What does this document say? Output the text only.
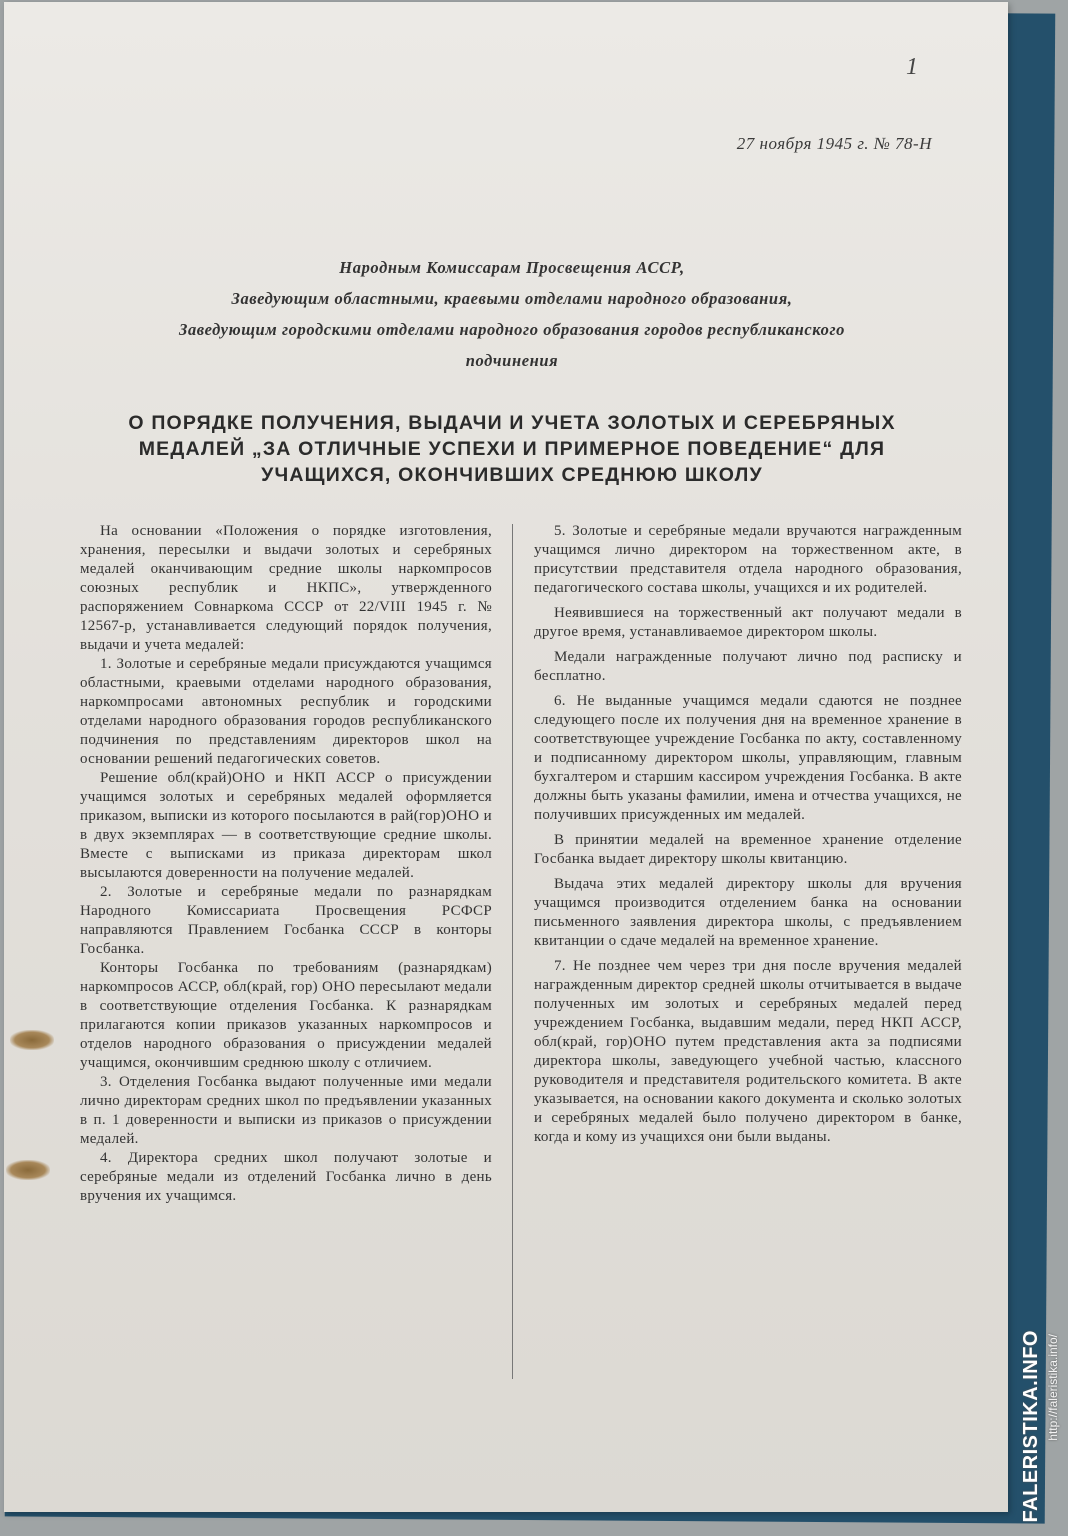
1
27 ноября 1945 г. № 78-Н
Народным Комиссарам Просвещения АССР,
Заведующим областными, краевыми отделами народного образования,
Заведующим городскими отделами народного образования городов республиканского
подчинения
О ПОРЯДКЕ ПОЛУЧЕНИЯ, ВЫДАЧИ И УЧЕТА ЗОЛОТЫХ И СЕРЕБРЯНЫХ
МЕДАЛЕЙ „ЗА ОТЛИЧНЫЕ УСПЕХИ И ПРИМЕРНОЕ ПОВЕДЕНИЕ“ ДЛЯ
УЧАЩИХСЯ, ОКОНЧИВШИХ СРЕДНЮЮ ШКОЛУ

На основании «Положения о порядке изготовления, хранения, пересылки и выдачи золотых и серебряных медалей оканчивающим средние школы наркомпросов союзных республик и НКПС», утвержденного распоряжением Совнаркома СССР от 22/VIII 1945 г. № 12567-р, устанавливается следующий порядок получения, выдачи и учета медалей:

1. Золотые и серебряные медали присуждаются учащимся областными, краевыми отделами народного образования, наркомпросами автономных республик и городскими отделами народного образования городов республиканского подчинения по представлениям директоров школ на основании решений педагогических советов.

Решение обл(край)ОНО и НКП АССР о присуждении учащимся золотых и серебряных медалей оформляется приказом, выписки из которого посылаются в рай(гор)ОНО и в двух экземплярах — в соответствующие средние школы. Вместе с выписками из приказа директорам школ высылаются доверенности на получение медалей.

2. Золотые и серебряные медали по разнарядкам Народного Комиссариата Просвещения РСФСР направляются Правлением Госбанка СССР в конторы Госбанка.

Конторы Госбанка по требованиям (разнарядкам) наркомпросов АССР, обл(край, гор) ОНО пересылают медали в соответствующие отделения Госбанка. К разнарядкам прилагаются копии приказов указанных наркомпросов и отделов народного образования о присуждении медалей учащимся, окончившим среднюю школу с отличием.

3. Отделения Госбанка выдают полученные ими медали лично директорам средних школ по предъявлении указанных в п. 1 доверенности и выписки из приказов о присуждении медалей.

4. Директора средних школ получают золотые и серебряные медали из отделений Госбанка лично в день вручения их учащимся.

5. Золотые и серебряные медали вручаются награжденным учащимся лично директором на торжественном акте, в присутствии представителя отдела народного образования, педагогического состава школы, учащихся и их родителей.

Неявившиеся на торжественный акт получают медали в другое время, устанавливаемое директором школы.

Медали награжденные получают лично под расписку и бесплатно.

6. Не выданные учащимся медали сдаются не позднее следующего после их получения дня на временное хранение в соответствующее учреждение Госбанка по акту, составленному и подписанному директором школы, управляющим, главным бухгалтером и старшим кассиром учреждения Госбанка. В акте должны быть указаны фамилии, имена и отчества учащихся, не получивших присужденных им медалей.

В принятии медалей на временное хранение отделение Госбанка выдает директору школы квитанцию.

Выдача этих медалей директору школы для вручения учащимся производится отделением банка на основании письменного заявления директора школы, с предъявлением квитанции о сдаче медалей на временное хранение.

7. Не позднее чем через три дня после вручения медалей награжденным директор средней школы отчитывается в выдаче полученных им золотых и серебряных медалей перед учреждением Госбанка, выдавшим медали, перед НКП АССР, обл(край, гор)ОНО путем представления акта за подписями директора школы, заведующего учебной частью, классного руководителя и представителя родительского комитета. В акте указывается, на основании какого документа и сколько золотых и серебряных медалей было получено директором в банке, когда и кому из учащихся они были выданы.

FALERISTIKA.INFO http://faleristika.info/
